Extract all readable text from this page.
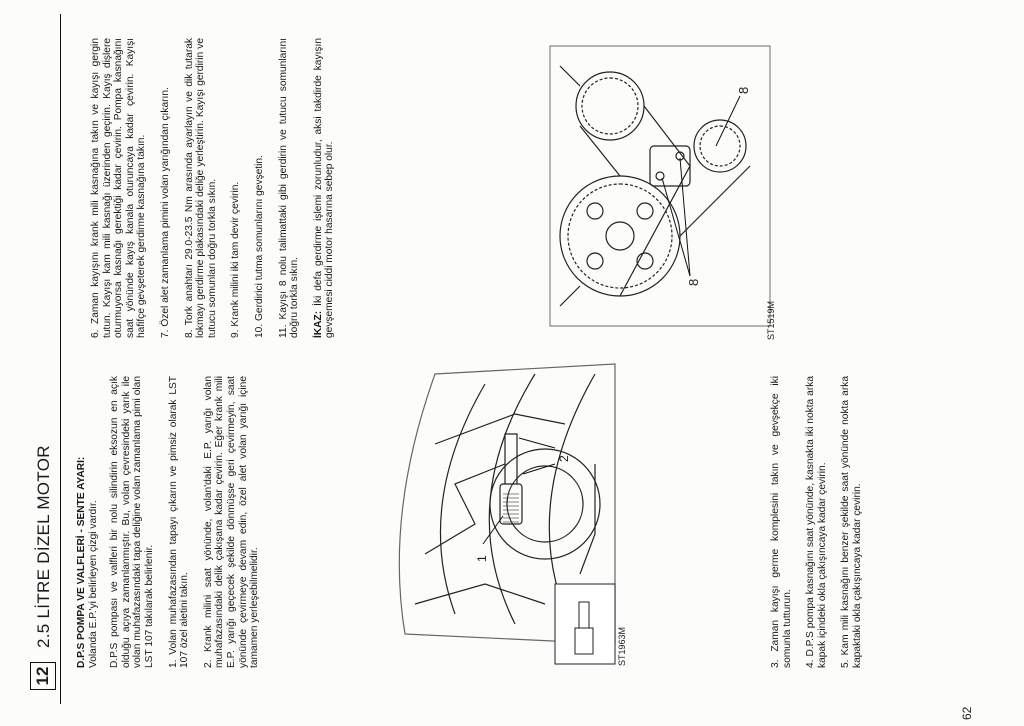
12
2.5 LİTRE DİZEL MOTOR D.P.S POMPA VE VALFLERİ - SENTE AYARI:
Volanda E.P.'yi belirleyen çizgi vardır. D.P.S pompası ve valfleri bir nolu silindirin eksozun en açık olduğu açıya zamanlanmıştır. Bu, volan çevresindeki yarık ile volan muhafazasındaki tapa deliğine volan zamanlama pimi olan LST 107 takılarak belirlenir. 1. Volan muhafazasından tapayı çıkarın ve pimsiz olarak LST 107 özel aletini takın. 2. Krank milini saat yönünde, volan'daki E.P. yarığı volan muhafazasındaki delik çakışana kadar çevirin. Eğer krank mili E.P. yarığı geçecek şekilde dönmüşse geri çevirmeyin, saat yönünde çevirmeye devam edin, özel alet volan yarığı içine tamamen yerleşebilmelidir.	1
2
ST1963M	3. Zaman kayışı germe komplesini takın ve gevşekçe iki somunla tutturun. 4. D.P.S pompa kasnağını saat yönünde, kasnakta iki nokta arka kapak içindeki okla çakışıncaya kadar çevirin. 5. Kam mili kasnağını benzer şekilde saat yönünde nokta arka kapaktaki okla çakışıncaya kadar çevirin.

6. Zaman kayışını krank mili kasnağına takın ve kayışı gergin tutun. Kayışı kam mili kasnağı üzerinden geçirin. Kayış dişlere oturmuyorsa kasnağı gerektiği kadar çevirin. Pompa kasnağını saat yönünde kayış kanala oturuncaya kadar çevirin. Kayışı hafifçe gevşeterek gerdirme kasnağına takın. 7. Özel alet zamanlama pimini volan yarığından çıkarın. 8. Tork anahtarı 29.0-23.5 Nm arasında ayarlayın ve dik tutarak lokmayı gerdirme plakasındaki deliğe yerleştirin. Kayışı gerdirin ve tutucu somunları doğru torkla sıkın. 9. Krank milini iki tam devir çevirin. 10. Gerdirici tutma somunlarını gevşetin. 11. Kayışı 8 nolu talimattaki gibi gerdirin ve tutucu somunlarını doğru torkla sıkın. İKAZ: İki defa gerdirme işlemi zorunludur, aksi takdirde kayışın gevşemesi ciddi motor hasarına sebep olur.	8
8
ST1519M
62
